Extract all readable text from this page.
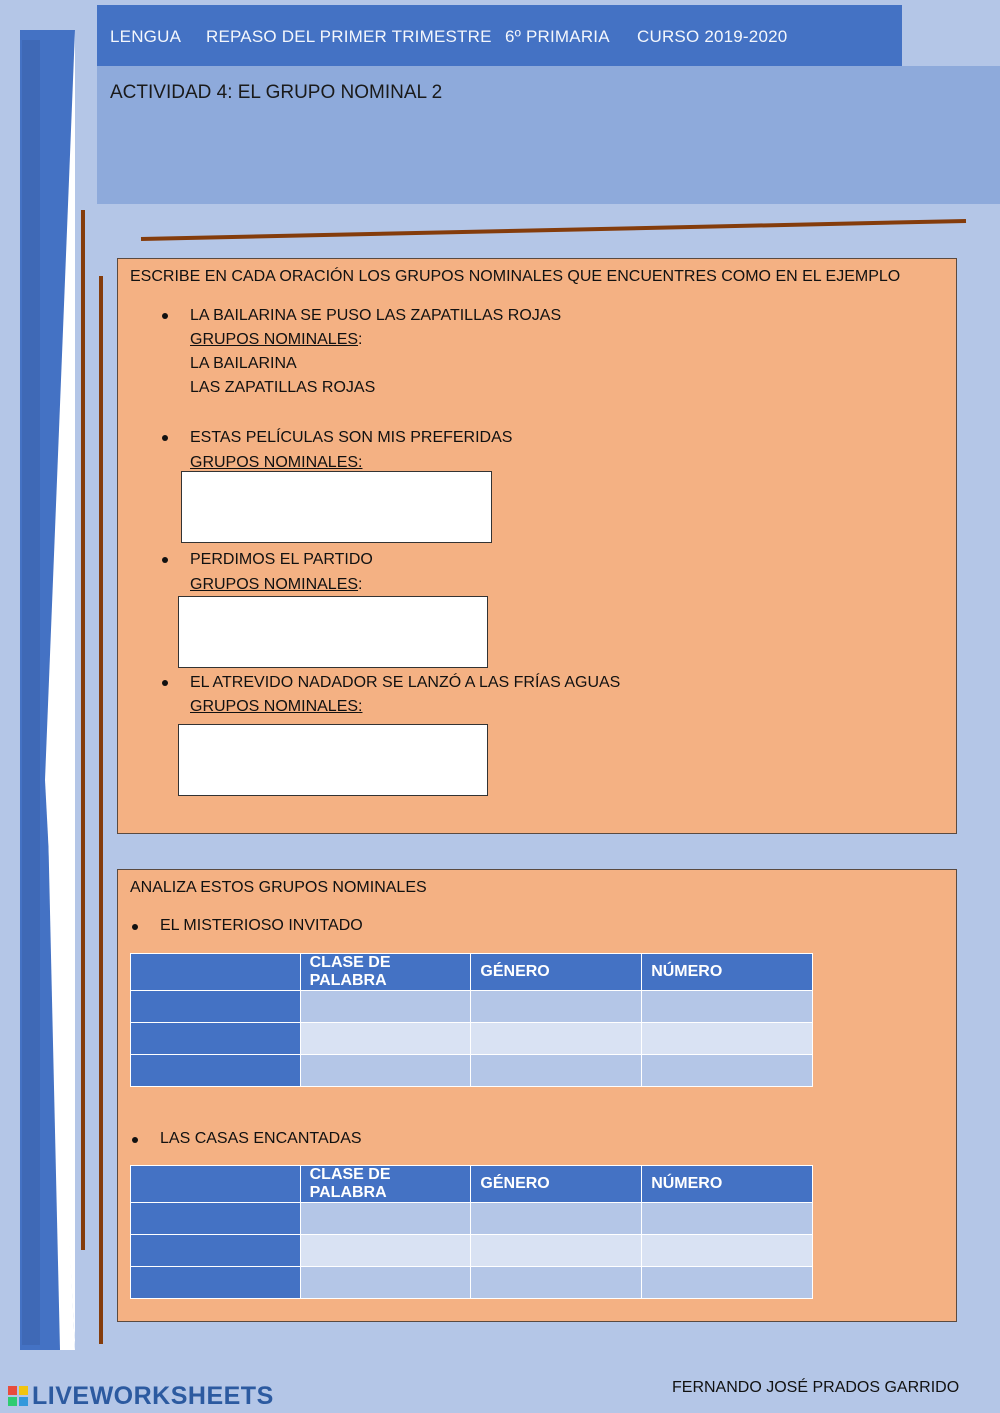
LENGUA REPASO DEL PRIMER TRIMESTRE 6º PRIMARIA CURSO 2019-2020
ACTIVIDAD 4: EL GRUPO NOMINAL 2
ESCRIBE EN CADA ORACIÓN LOS GRUPOS NOMINALES QUE ENCUENTRES COMO EN EL EJEMPLO
LA BAILARINA SE PUSO LAS ZAPATILLAS ROJAS
GRUPOS NOMINALES:
LA BAILARINA
LAS ZAPATILLAS ROJAS
ESTAS PELÍCULAS SON MIS PREFERIDAS
GRUPOS NOMINALES:
PERDIMOS EL PARTIDO
GRUPOS NOMINALES:
EL ATREVIDO NADADOR SE LANZÓ A LAS FRÍAS AGUAS
GRUPOS NOMINALES:
ANALIZA ESTOS GRUPOS NOMINALES
EL MISTERIOSO INVITADO
	CLASE DE PALABRA	GÉNERO	NÚMERO

LAS CASAS ENCANTADAS
	CLASE DE PALABRA	GÉNERO	NÚMERO

LIVEWORKSHEETS	FERNANDO JOSÉ PRADOS GARRIDO
